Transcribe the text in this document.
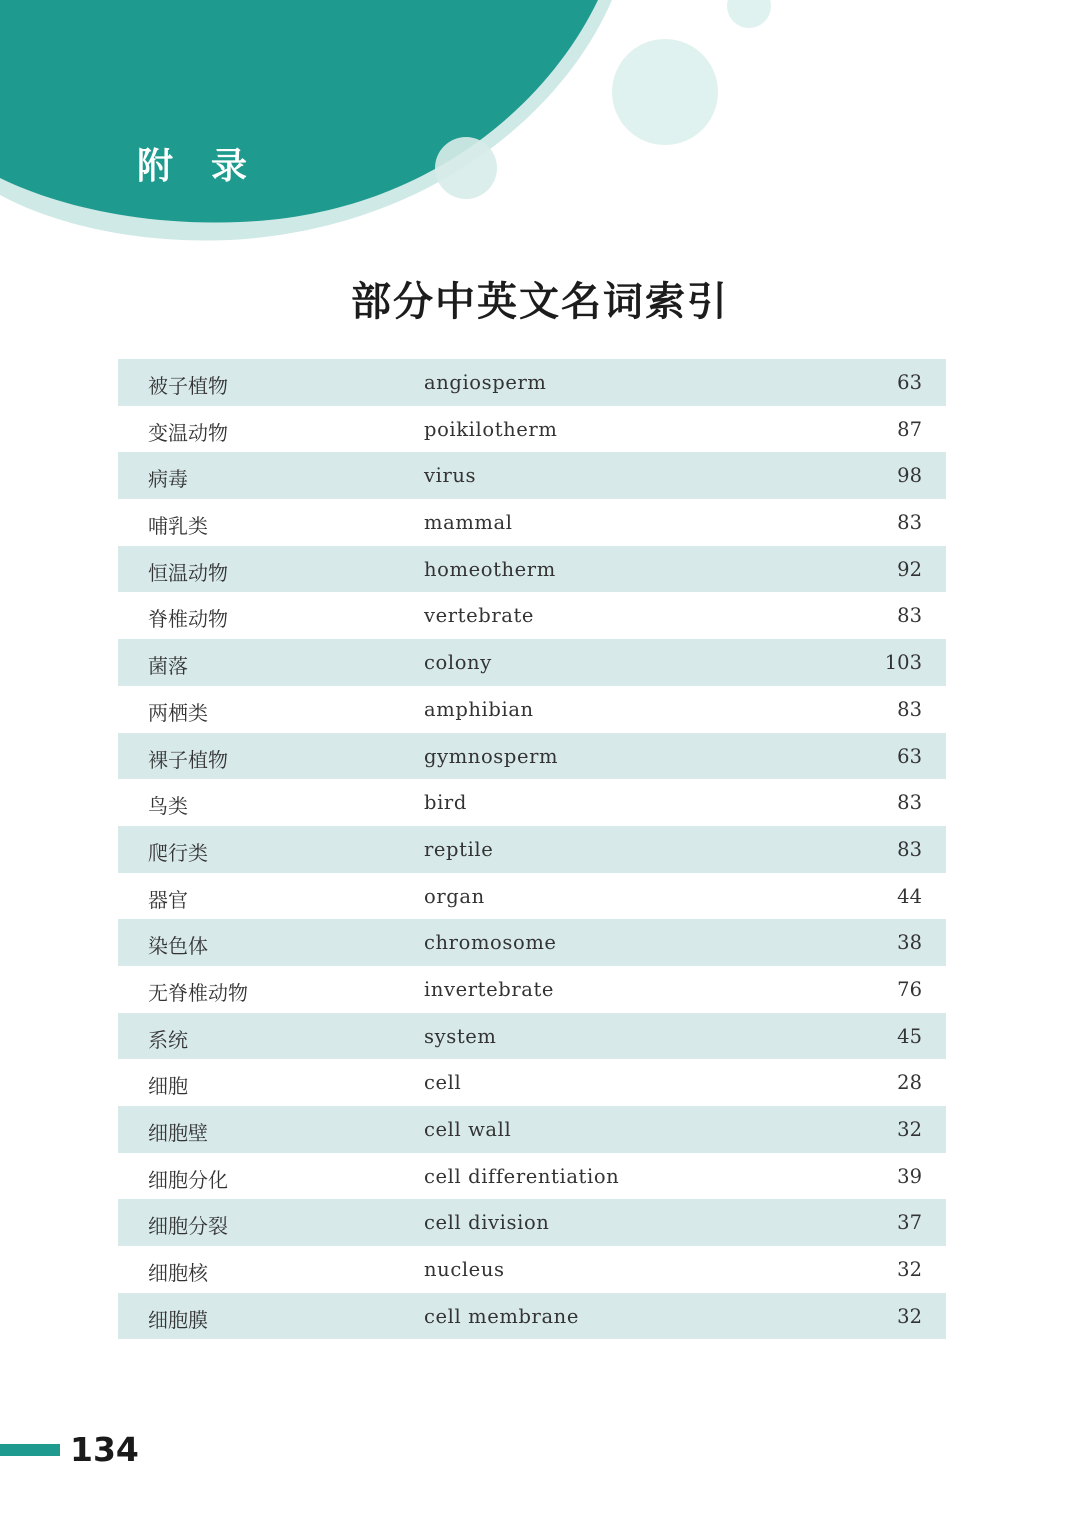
附录
部分中英文名词索引
被子植物	angiosperm	63
变温动物	poikilotherm	87
病毒	virus	98
哺乳类	mammal	83
恒温动物	homeotherm	92
脊椎动物	vertebrate	83
菌落	colony	103
两栖类	amphibian	83
裸子植物	gymnosperm	63
鸟类	bird	83
爬行类	reptile	83
器官	organ	44
染色体	chromosome	38
无脊椎动物	invertebrate	76
系统	system	45
细胞	cell	28
细胞壁	cell wall	32
细胞分化	cell differentiation	39
细胞分裂	cell division	37
细胞核	nucleus	32
细胞膜	cell membrane	32
134
